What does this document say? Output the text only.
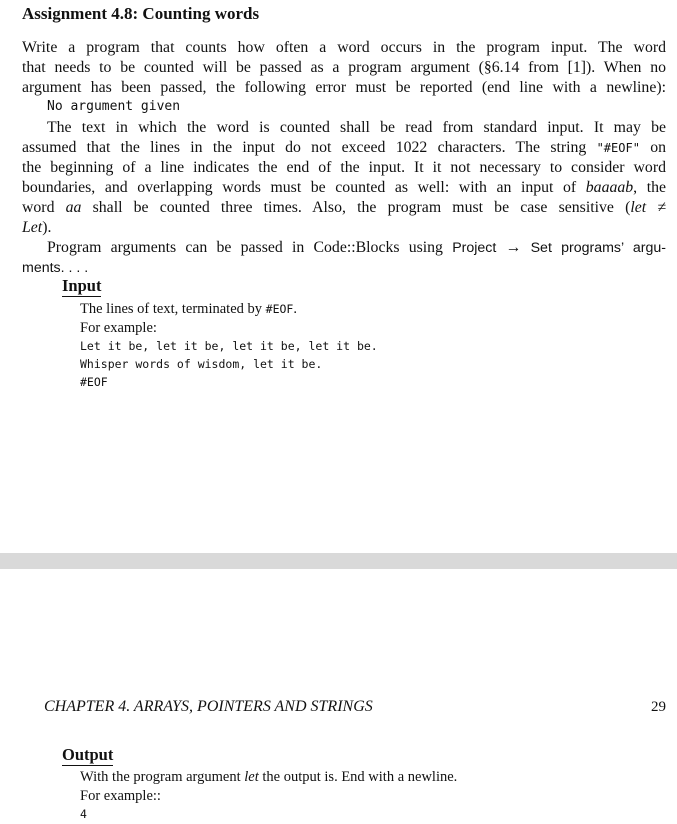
Assignment 4.8: Counting words
Write a program that counts how often a word occurs in the program input. The word
that needs to be counted will be passed as a program argument (§6.14 from [1]). When no
argument has been passed, the following error must be reported (end line with a newline):
No argument given
The text in which the word is counted shall be read from standard input. It may be
assumed that the lines in the input do not exceed 1022 characters. The string "#EOF" on
the beginning of a line indicates the end of the input. It it not necessary to consider word
boundaries, and overlapping words must be counted as well: with an input of baaaab, the
word aa shall be counted three times. Also, the program must be case sensitive (let ≠
Let).
Program arguments can be passed in Code::Blocks using Project → Set programs’ argu-
ments. . . .
Input
The lines of text, terminated by #EOF.
For example:
Let it be, let it be, let it be, let it be.
Whisper words of wisdom, let it be.
#EOF
CHAPTER 4. ARRAYS, POINTERS AND STRINGS	29
Output
With the program argument let the output is. End with a newline.
For example::
4
